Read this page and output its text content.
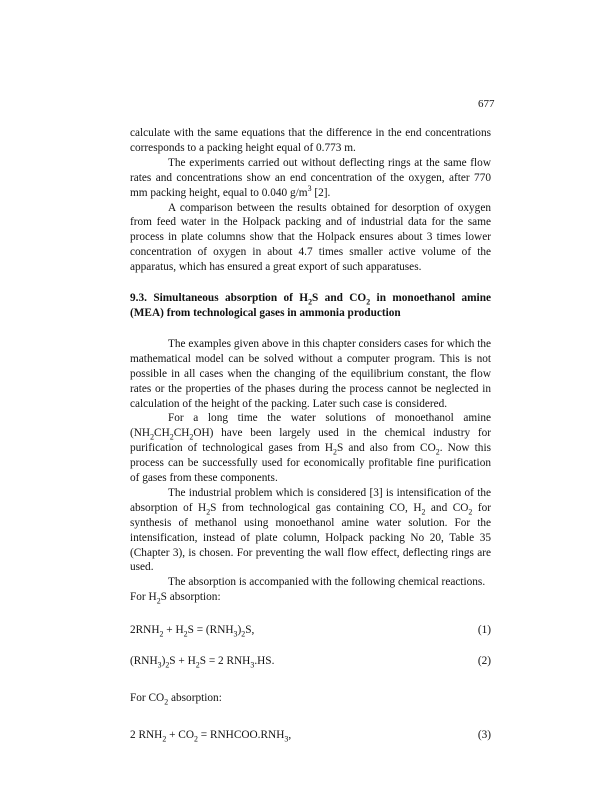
677

calculate with the same equations that the difference in the end concentrations corresponds to a packing height equal of 0.773 m.

The experiments carried out without deflecting rings at the same flow rates and concentrations show an end concentration of the oxygen, after 770 mm packing height, equal to 0.040 $g/m^3$ [2].

A comparison between the results obtained for desorption of oxygen from feed water in the Holpack packing and of industrial data for the same process in plate columns show that the Holpack ensures about 3 times lower concentration of oxygen in about 4.7 times smaller active volume of the apparatus, which has ensured a great export of such apparatuses.

9.3. Simultaneous absorption of $H_2S$ and $CO_2$ in monoethanol amine (MEA) from technological gases in ammonia production

The examples given above in this chapter considers cases for which the mathematical model can be solved without a computer program. This is not possible in all cases when the changing of the equilibrium constant, the flow rates or the properties of the phases during the process cannot be neglected in calculation of the height of the packing. Later such case is considered.

For a long time the water solutions of monoethanol amine $(NH_2CH_2CH_2OH)$ have been largely used in the chemical industry for purification of technological gases from $H_2S$ and also from $CO_2$. Now this process can be successfully used for economically profitable fine purification of gases from these components.

The industrial problem which is considered [3] is intensification of the absorption of $H_2S$ from technological gas containing CO, $H_2$ and $CO_2$ for synthesis of methanol using monoethanol amine water solution. For the intensification, instead of plate column, Holpack packing No 20, Table 35 (Chapter 3), is chosen. For preventing the wall flow effect, deflecting rings are used.

The absorption is accompanied with the following chemical reactions.

For $H_2S$ absorption:

$2RNH_2 + H_2S = (RNH_3)_2S$,	(1)
$(RNH_3)_2S + H_2S = 2$ $RNH_3.HS$.	(2)

For $CO_2$ absorption:

2 $RNH_2 + CO_2$ = $RNHCOO.RNH_3$,	(3)
